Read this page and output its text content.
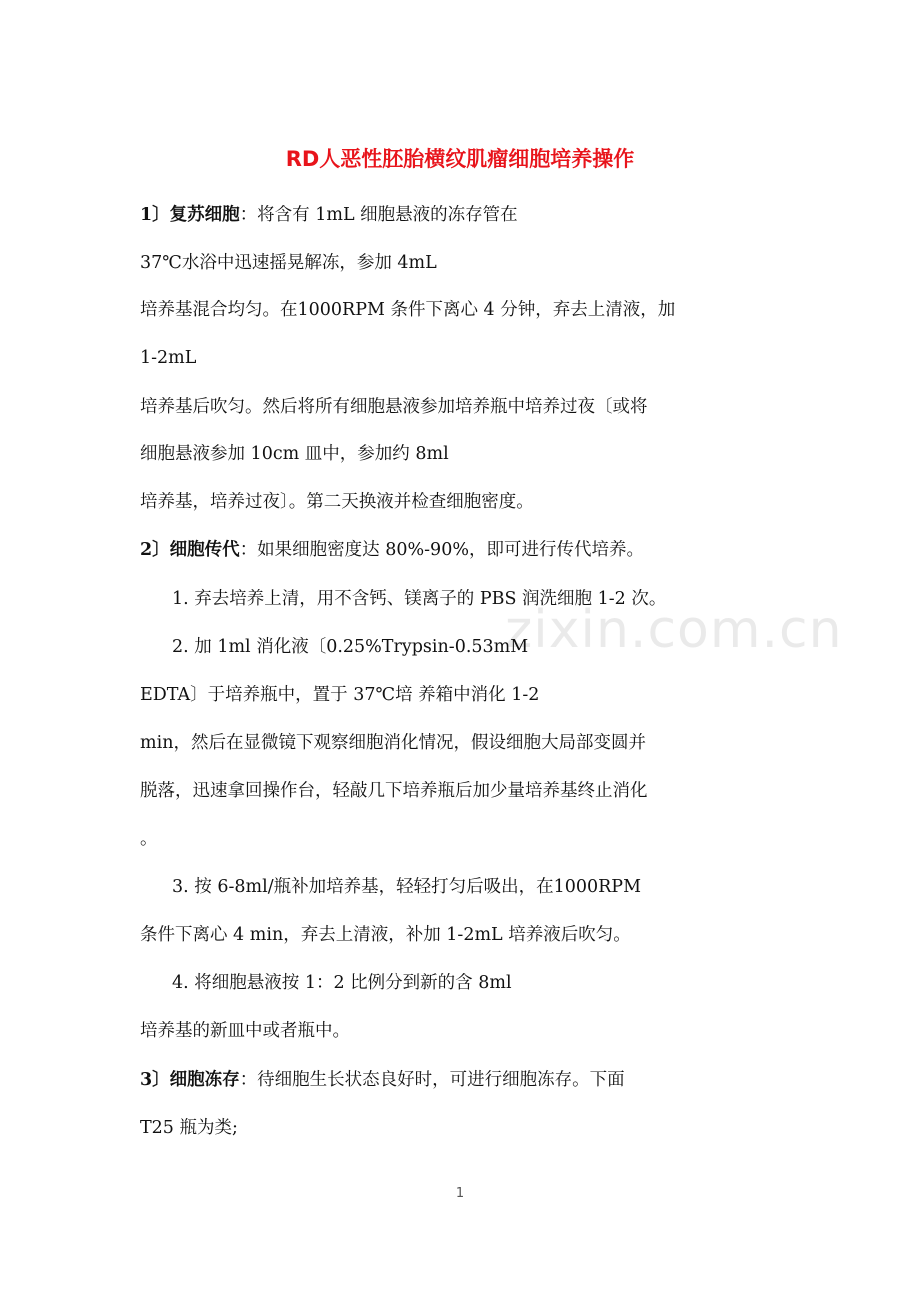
zixin.com.cn
RD人恶性胚胎横纹肌瘤细胞培养操作
1〕复苏细胞：将含有 1mL 细胞悬液的冻存管在
37℃水浴中迅速摇晃解冻，参加 4mL
培养基混合均匀。在1000RPM 条件下离心 4 分钟，弃去上清液，加
1-2mL
培养基后吹匀。然后将所有细胞悬液参加培养瓶中培养过夜〔或将
细胞悬液参加 10cm 皿中，参加约 8ml
培养基，培养过夜〕。第二天换液并检查细胞密度。
2〕细胞传代：如果细胞密度达 80%-90%，即可进行传代培养。
1. 弃去培养上清，用不含钙、镁离子的 PBS 润洗细胞 1-2 次。
2. 加 1ml 消化液〔0.25%Trypsin-0.53mM
EDTA〕于培养瓶中，置于 37℃培 养箱中消化 1-2
min，然后在显微镜下观察细胞消化情况，假设细胞大局部变圆并
脱落，迅速拿回操作台，轻敲几下培养瓶后加少量培养基终止消化
。
3. 按 6-8ml/瓶补加培养基，轻轻打匀后吸出，在1000RPM
条件下离心 4 min，弃去上清液，补加 1-2mL 培养液后吹匀。
4. 将细胞悬液按 1：2 比例分到新的含 8ml
培养基的新皿中或者瓶中。
3〕细胞冻存：待细胞生长状态良好时，可进行细胞冻存。下面
T25 瓶为类;
1
